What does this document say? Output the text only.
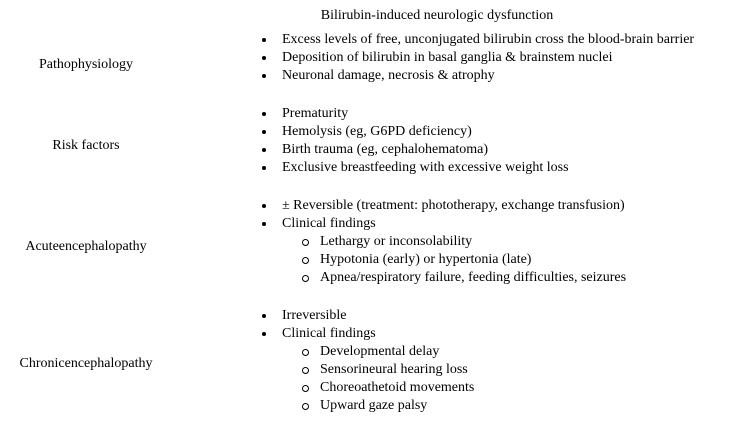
Bilirubin-induced neurologic dysfunction
Pathophysiology
Excess levels of free, unconjugated bilirubin cross the blood-brain barrier
Deposition of bilirubin in basal ganglia & brainstem nuclei
Neuronal damage, necrosis & atrophy
Risk factors
Prematurity
Hemolysis (eg, G6PD deficiency)
Birth trauma (eg, cephalohematoma)
Exclusive breastfeeding with excessive weight loss
Acuteencephalopathy
± Reversible (treatment: phototherapy, exchange transfusion)
Clinical findings
Lethargy or inconsolability
Hypotonia (early) or hypertonia (late)
Apnea/respiratory failure, feeding difficulties, seizures
Chronicencephalopathy
Irreversible
Clinical findings
Developmental delay
Sensorineural hearing loss
Choreoathetoid movements
Upward gaze palsy
